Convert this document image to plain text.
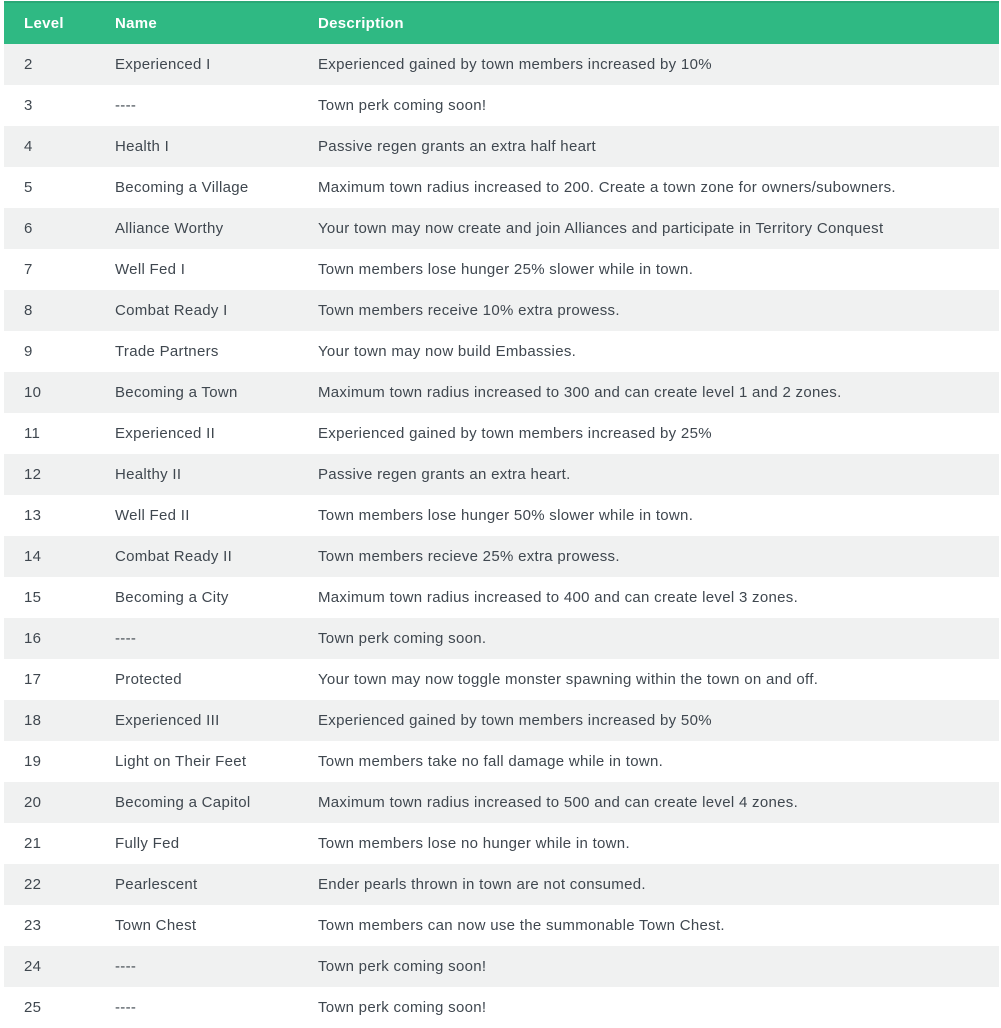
Level	Name	Description
2	Experienced I	Experienced gained by town members increased by 10%
3	----	Town perk coming soon!
4	Health I	Passive regen grants an extra half heart
5	Becoming a Village	Maximum town radius increased to 200. Create a town zone for owners/subowners.
6	Alliance Worthy	Your town may now create and join Alliances and participate in Territory Conquest
7	Well Fed I	Town members lose hunger 25% slower while in town.
8	Combat Ready I	Town members receive 10% extra prowess.
9	Trade Partners	Your town may now build Embassies.
10	Becoming a Town	Maximum town radius increased to 300 and can create level 1 and 2 zones.
11	Experienced II	Experienced gained by town members increased by 25%
12	Healthy II	Passive regen grants an extra heart.
13	Well Fed II	Town members lose hunger 50% slower while in town.
14	Combat Ready II	Town members recieve 25% extra prowess.
15	Becoming a City	Maximum town radius increased to 400 and can create level 3 zones.
16	----	Town perk coming soon.
17	Protected	Your town may now toggle monster spawning within the town on and off.
18	Experienced III	Experienced gained by town members increased by 50%
19	Light on Their Feet	Town members take no fall damage while in town.
20	Becoming a Capitol	Maximum town radius increased to 500 and can create level 4 zones.
21	Fully Fed	Town members lose no hunger while in town.
22	Pearlescent	Ender pearls thrown in town are not consumed.
23	Town Chest	Town members can now use the summonable Town Chest.
24	----	Town perk coming soon!
25	----	Town perk coming soon!
